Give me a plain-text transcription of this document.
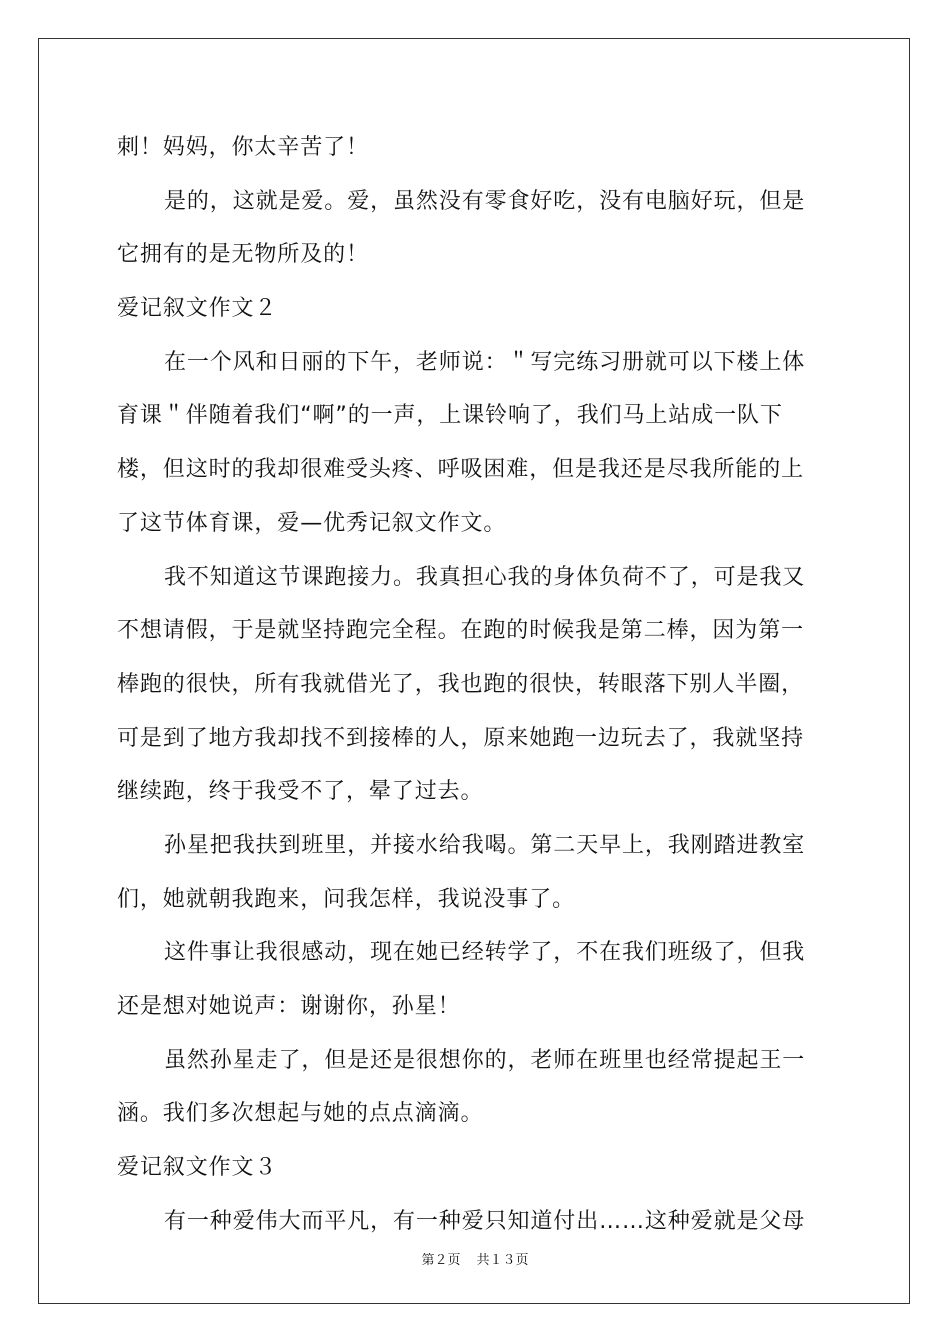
刺！妈妈，你太辛苦了！
是的，这就是爱。爱，虽然没有零食好吃，没有电脑好玩，但是
它拥有的是无物所及的！
爱记叙文作文２
在一个风和日丽的下午，老师说：＂写完练习册就可以下楼上体
育课＂伴随着我们“啊”的一声，上课铃响了，我们马上站成一队下
楼，但这时的我却很难受头疼、呼吸困难，但是我还是尽我所能的上
了这节体育课，爱—优秀记叙文作文。
我不知道这节课跑接力。我真担心我的身体负荷不了，可是我又
不想请假，于是就坚持跑完全程。在跑的时候我是第二棒，因为第一
棒跑的很快，所有我就借光了，我也跑的很快，转眼落下别人半圈，
可是到了地方我却找不到接棒的人，原来她跑一边玩去了，我就坚持
继续跑，终于我受不了，晕了过去。
孙星把我扶到班里，并接水给我喝。第二天早上，我刚踏进教室
们，她就朝我跑来，问我怎样，我说没事了。
这件事让我很感动，现在她已经转学了，不在我们班级了，但我
还是想对她说声：谢谢你，孙星！
虽然孙星走了，但是还是很想你的，老师在班里也经常提起王一
涵。我们多次想起与她的点点滴滴。
爱记叙文作文３
有一种爱伟大而平凡，有一种爱只知道付出……这种爱就是父母
第２页 共１３页
